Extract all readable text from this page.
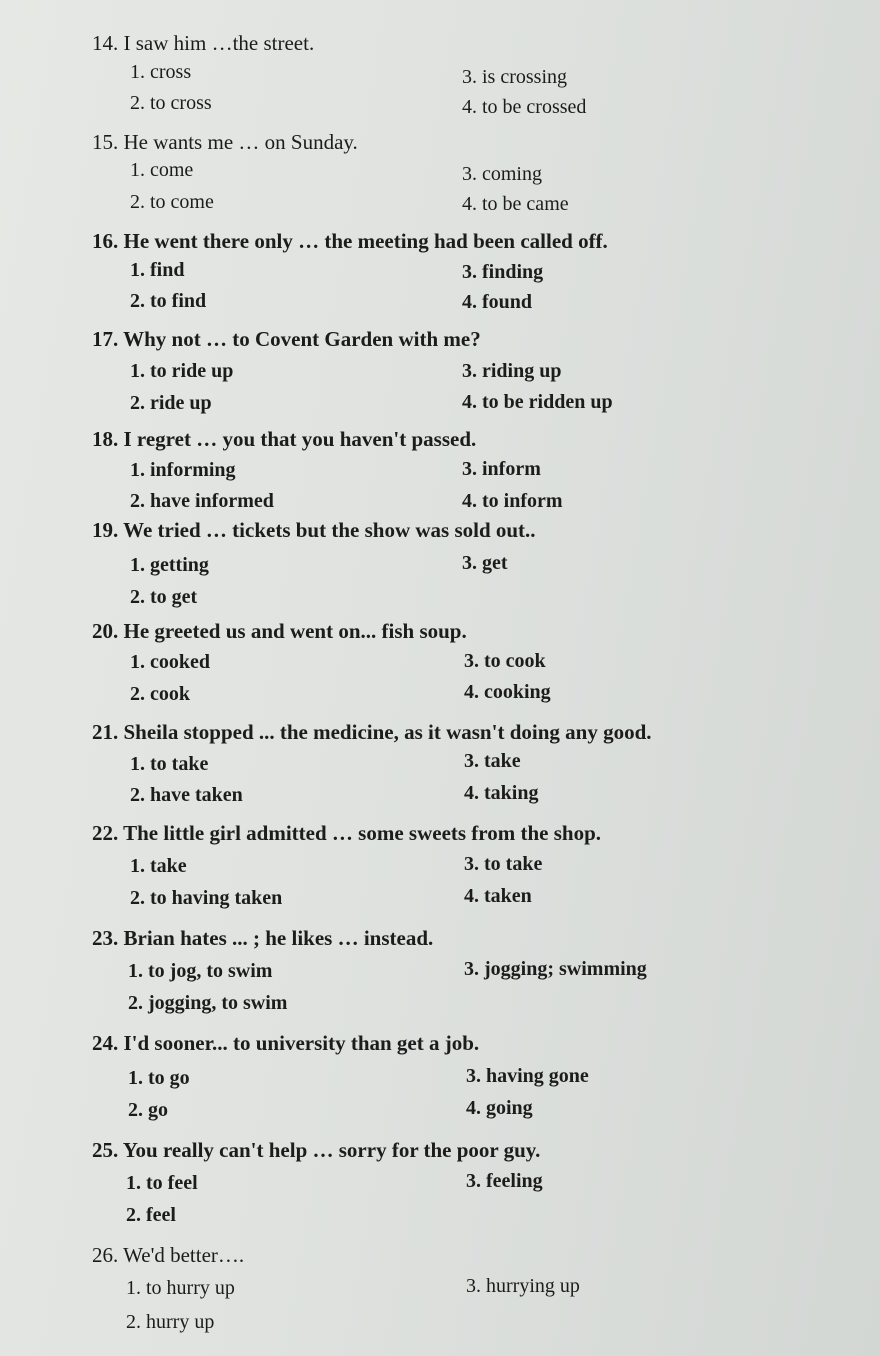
14. I saw him …the street.
1. cross
2. to cross
3. is crossing
4. to be crossed
15. He wants me … on Sunday.
1. come
2. to come
3. coming
4. to be came
16. He went there only … the meeting had been called off.
1. find
2. to find
3. finding
4. found
17. Why not … to Covent Garden with me?
1. to ride up
2. ride up
3. riding up
4. to be ridden up
18. I regret … you that you haven't passed.
1. informing
2. have informed
3. inform
4. to inform
19. We tried … tickets but the show was sold out..
1. getting
2. to get
3. get
20. He greeted us and went on... fish soup.
1. cooked
2. cook
3. to cook
4. cooking
21. Sheila stopped ... the medicine, as it wasn't doing any good.
1. to take
2. have taken
3. take
4. taking
22. The little girl admitted … some sweets from the shop.
1. take
2. to having taken
3. to take
4. taken
23. Brian hates ... ; he likes … instead.
1. to jog, to swim
2. jogging, to swim
3. jogging; swimming
24. I'd sooner... to university than get a job.
1. to go
2. go
3. having gone
4. going
25. You really can't help … sorry for the poor guy.
1. to feel
2. feel
3. feeling
26. We'd better….
1. to hurry up
2. hurry up
3. hurrying up
